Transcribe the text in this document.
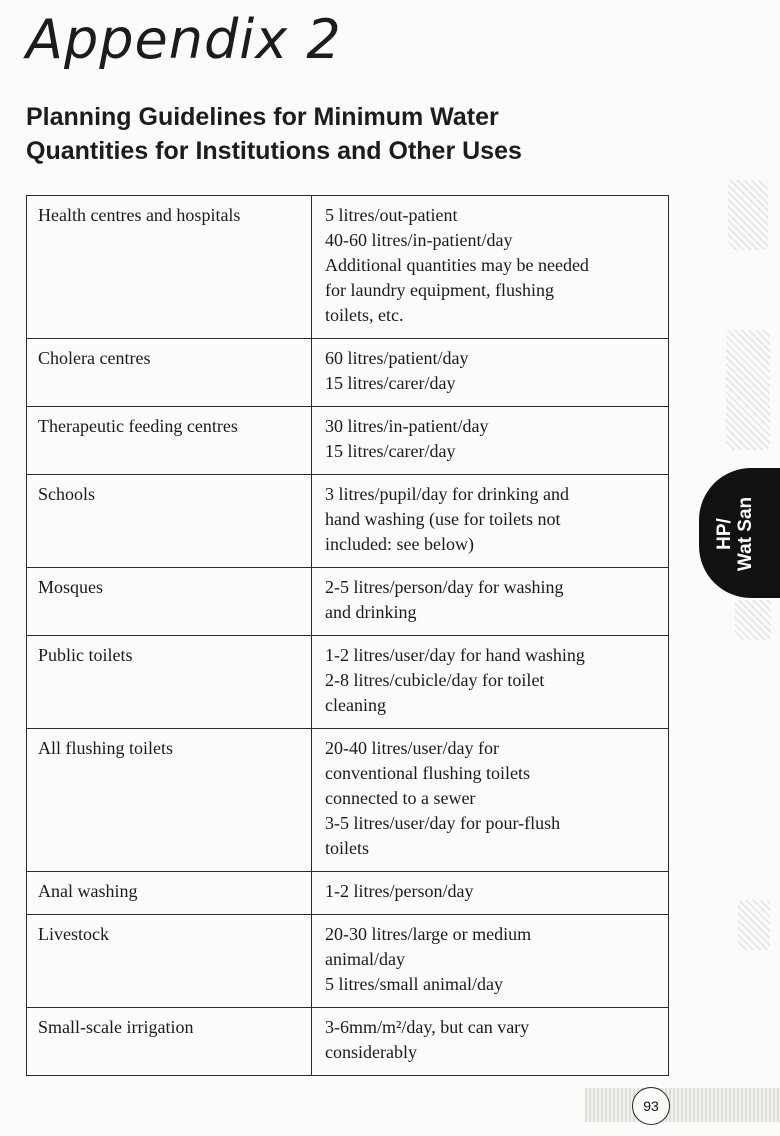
Appendix 2
Planning Guidelines for Minimum Water
Quantities for Institutions and Other Uses
Health centres and hospitals	5 litres/out-patient
40-60 litres/in-patient/day
Additional quantities may be needed
for laundry equipment, flushing
toilets, etc.

Cholera centres	60 litres/patient/day
15 litres/carer/day

Therapeutic feeding centres	30 litres/in-patient/day
15 litres/carer/day

Schools	3 litres/pupil/day for drinking and
hand washing (use for toilets not
included: see below)

Mosques	2-5 litres/person/day for washing
and drinking

Public toilets	1-2 litres/user/day for hand washing
2-8 litres/cubicle/day for toilet
cleaning

All flushing toilets	20-40 litres/user/day for
conventional flushing toilets
connected to a sewer
3-5 litres/user/day for pour-flush
toilets

Anal washing	1-2 litres/person/day

Livestock	20-30 litres/large or medium
animal/day
5 litres/small animal/day

Small-scale irrigation	3-6mm/m²/day, but can vary
considerably
HP/ Wat San
93
